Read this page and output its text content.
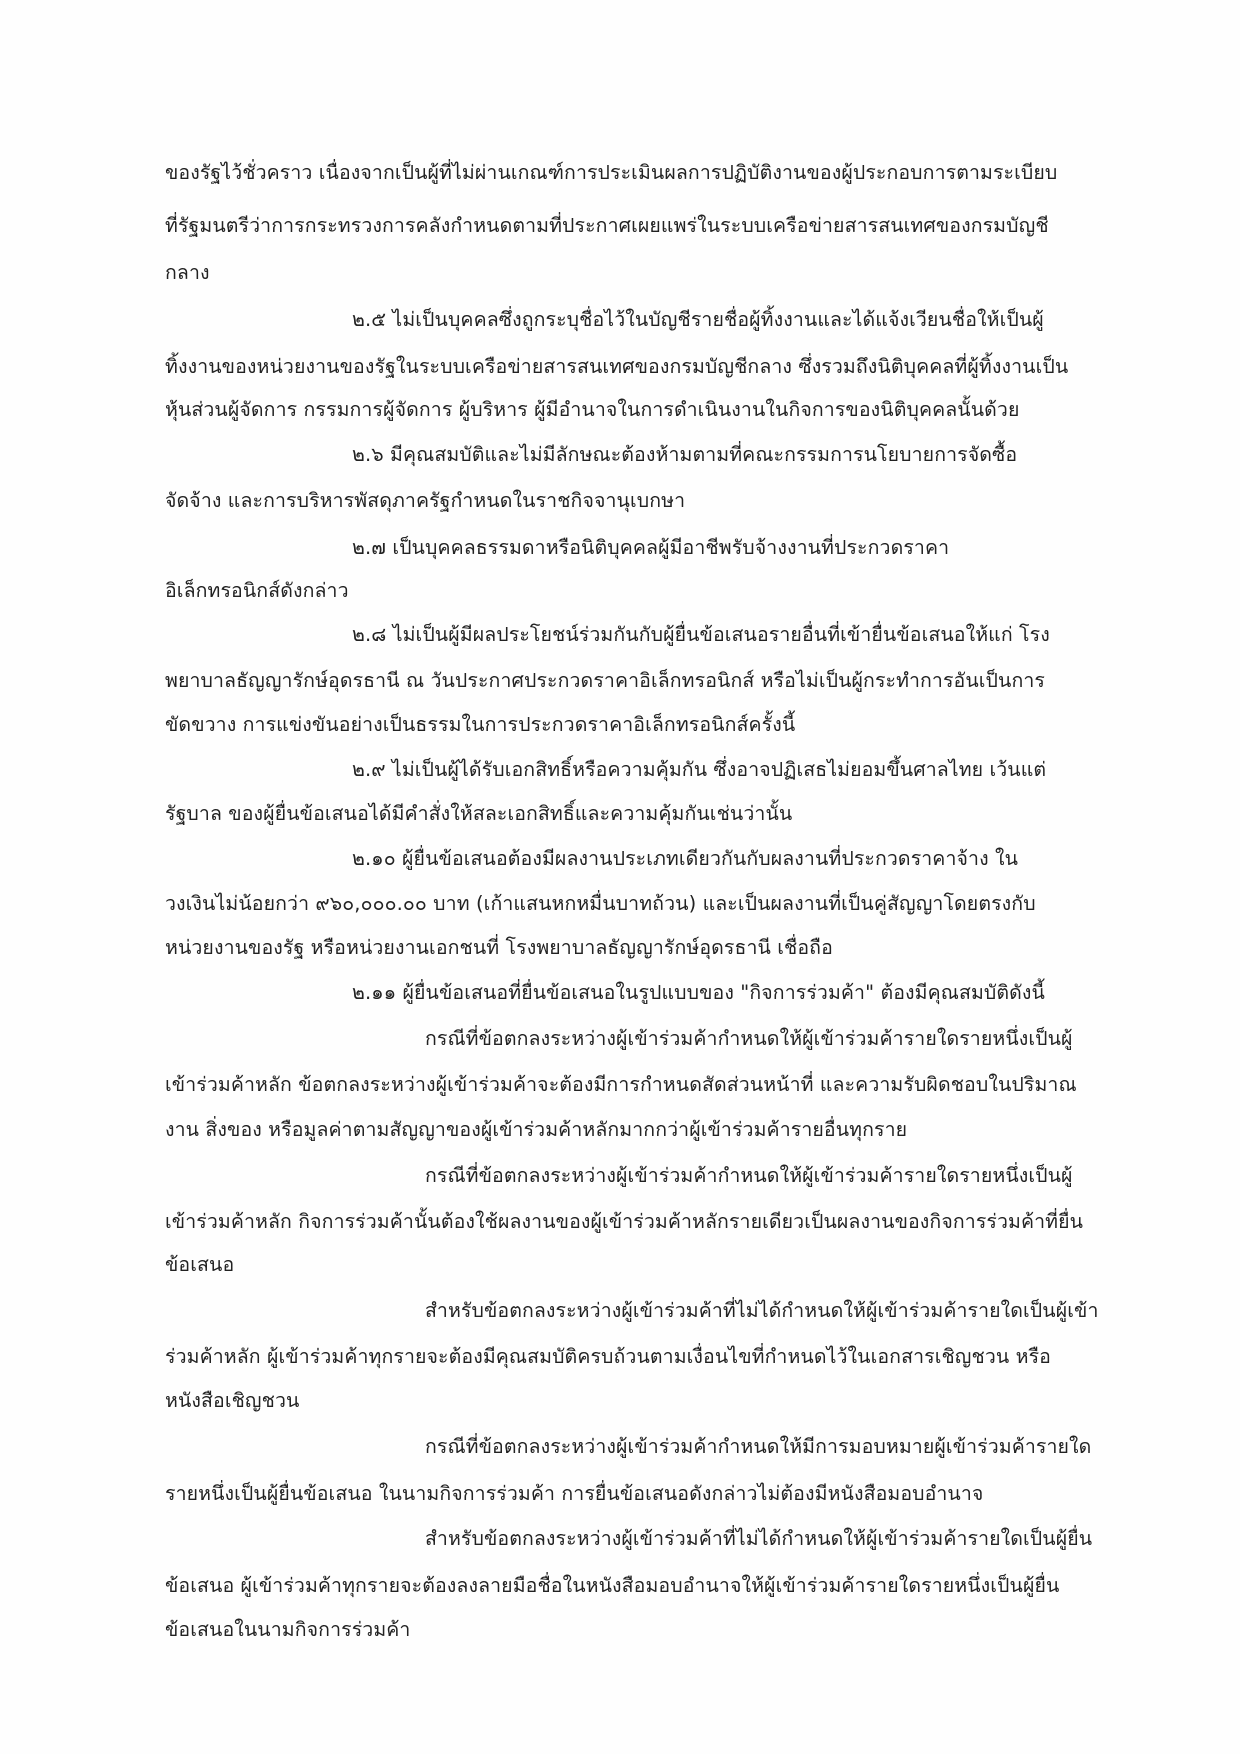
ของรัฐไว้ชั่วคราว เนื่องจากเป็นผู้ที่ไม่ผ่านเกณฑ์การประเมินผลการปฏิบัติงานของผู้ประกอบการตามระเบียบ
ที่รัฐมนตรีว่าการกระทรวงการคลังกำหนดตามที่ประกาศเผยแพร่ในระบบเครือข่ายสารสนเทศของกรมบัญชี
กลาง
๒.๕ ไม่เป็นบุคคลซึ่งถูกระบุชื่อไว้ในบัญชีรายชื่อผู้ทิ้งงานและได้แจ้งเวียนชื่อให้เป็นผู้
ทิ้งงานของหน่วยงานของรัฐในระบบเครือข่ายสารสนเทศของกรมบัญชีกลาง ซึ่งรวมถึงนิติบุคคลที่ผู้ทิ้งงานเป็น
หุ้นส่วนผู้จัดการ กรรมการผู้จัดการ ผู้บริหาร ผู้มีอำนาจในการดำเนินงานในกิจการของนิติบุคคลนั้นด้วย
๒.๖ มีคุณสมบัติและไม่มีลักษณะต้องห้ามตามที่คณะกรรมการนโยบายการจัดซื้อ
จัดจ้าง และการบริหารพัสดุภาครัฐกำหนดในราชกิจจานุเบกษา
๒.๗ เป็นบุคคลธรรมดาหรือนิติบุคคลผู้มีอาชีพรับจ้างงานที่ประกวดราคา
อิเล็กทรอนิกส์ดังกล่าว
๒.๘ ไม่เป็นผู้มีผลประโยชน์ร่วมกันกับผู้ยื่นข้อเสนอรายอื่นที่เข้ายื่นข้อเสนอให้แก่ โรง
พยาบาลธัญญารักษ์อุดรธานี ณ วันประกาศประกวดราคาอิเล็กทรอนิกส์ หรือไม่เป็นผู้กระทำการอันเป็นการ
ขัดขวาง การแข่งขันอย่างเป็นธรรมในการประกวดราคาอิเล็กทรอนิกส์ครั้งนี้
๒.๙ ไม่เป็นผู้ได้รับเอกสิทธิ์หรือความคุ้มกัน ซึ่งอาจปฏิเสธไม่ยอมขึ้นศาลไทย เว้นแต่
รัฐบาล ของผู้ยื่นข้อเสนอได้มีคำสั่งให้สละเอกสิทธิ์และความคุ้มกันเช่นว่านั้น
๒.๑๐ ผู้ยื่นข้อเสนอต้องมีผลงานประเภทเดียวกันกับผลงานที่ประกวดราคาจ้าง ใน
วงเงินไม่น้อยกว่า ๙๖๐,๐๐๐.๐๐ บาท (เก้าแสนหกหมื่นบาทถ้วน) และเป็นผลงานที่เป็นคู่สัญญาโดยตรงกับ
หน่วยงานของรัฐ หรือหน่วยงานเอกชนที่ โรงพยาบาลธัญญารักษ์อุดรธานี เชื่อถือ
๒.๑๑ ผู้ยื่นข้อเสนอที่ยื่นข้อเสนอในรูปแบบของ "กิจการร่วมค้า" ต้องมีคุณสมบัติดังนี้
กรณีที่ข้อตกลงระหว่างผู้เข้าร่วมค้ากำหนดให้ผู้เข้าร่วมค้ารายใดรายหนึ่งเป็นผู้
เข้าร่วมค้าหลัก ข้อตกลงระหว่างผู้เข้าร่วมค้าจะต้องมีการกำหนดสัดส่วนหน้าที่ และความรับผิดชอบในปริมาณ
งาน สิ่งของ หรือมูลค่าตามสัญญาของผู้เข้าร่วมค้าหลักมากกว่าผู้เข้าร่วมค้ารายอื่นทุกราย
กรณีที่ข้อตกลงระหว่างผู้เข้าร่วมค้ากำหนดให้ผู้เข้าร่วมค้ารายใดรายหนึ่งเป็นผู้
เข้าร่วมค้าหลัก กิจการร่วมค้านั้นต้องใช้ผลงานของผู้เข้าร่วมค้าหลักรายเดียวเป็นผลงานของกิจการร่วมค้าที่ยื่น
ข้อเสนอ
สำหรับข้อตกลงระหว่างผู้เข้าร่วมค้าที่ไม่ได้กำหนดให้ผู้เข้าร่วมค้ารายใดเป็นผู้เข้า
ร่วมค้าหลัก ผู้เข้าร่วมค้าทุกรายจะต้องมีคุณสมบัติครบถ้วนตามเงื่อนไขที่กำหนดไว้ในเอกสารเชิญชวน หรือ
หนังสือเชิญชวน
กรณีที่ข้อตกลงระหว่างผู้เข้าร่วมค้ากำหนดให้มีการมอบหมายผู้เข้าร่วมค้ารายใด
รายหนึ่งเป็นผู้ยื่นข้อเสนอ ในนามกิจการร่วมค้า การยื่นข้อเสนอดังกล่าวไม่ต้องมีหนังสือมอบอำนาจ
สำหรับข้อตกลงระหว่างผู้เข้าร่วมค้าที่ไม่ได้กำหนดให้ผู้เข้าร่วมค้ารายใดเป็นผู้ยื่น
ข้อเสนอ ผู้เข้าร่วมค้าทุกรายจะต้องลงลายมือชื่อในหนังสือมอบอำนาจให้ผู้เข้าร่วมค้ารายใดรายหนึ่งเป็นผู้ยื่น
ข้อเสนอในนามกิจการร่วมค้า
